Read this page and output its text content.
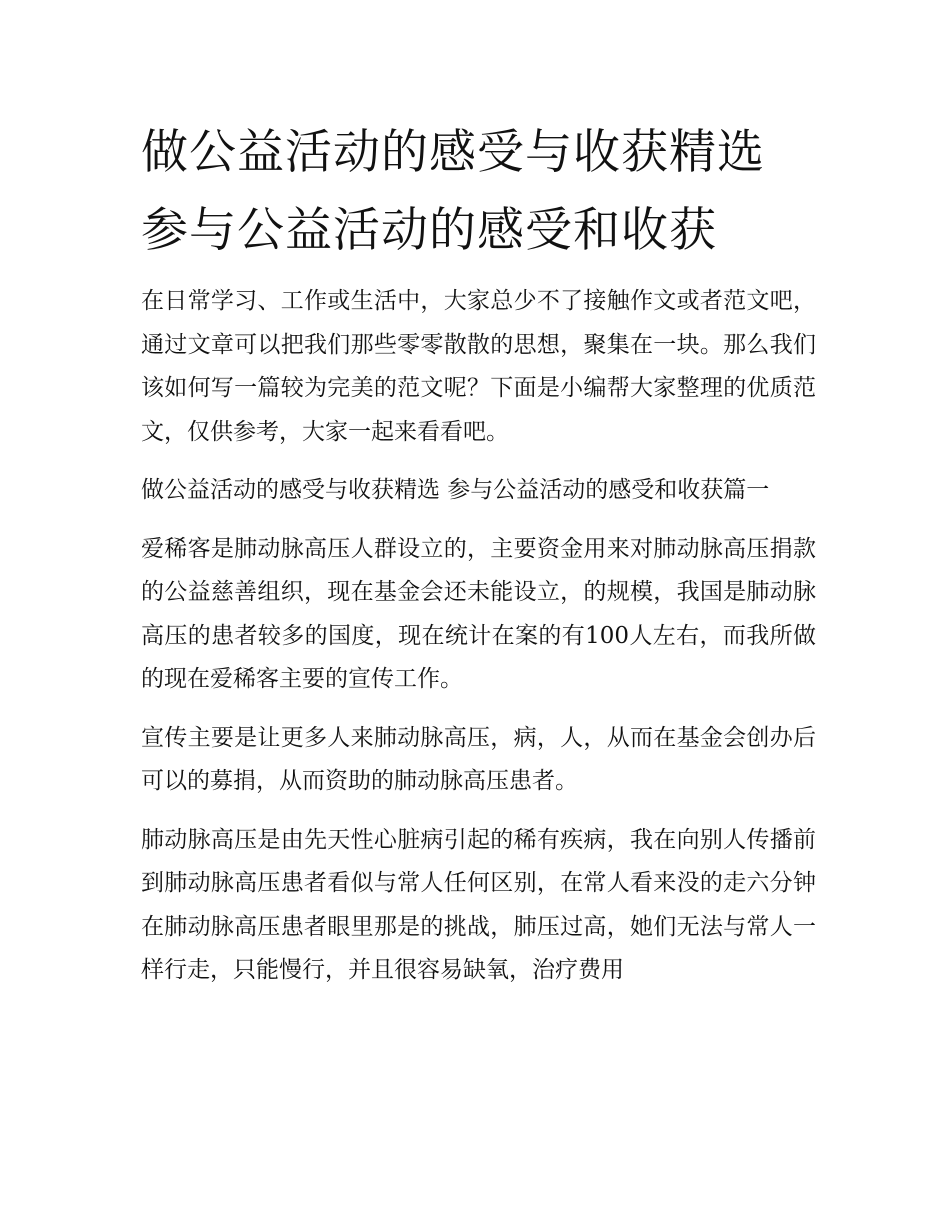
做公益活动的感受与收获精选
参与公益活动的感受和收获

在日常学习、工作或生活中，大家总少不了接触作文或者范文吧，通过文章可以把我们那些零零散散的思想，聚集在一块。那么我们该如何写一篇较为完美的范文呢？下面是小编帮大家整理的优质范文，仅供参考，大家一起来看看吧。

做公益活动的感受与收获精选 参与公益活动的感受和收获篇一

爱稀客是肺动脉高压人群设立的，主要资金用来对肺动脉高压捐款的公益慈善组织，现在基金会还未能设立，的规模，我国是肺动脉高压的患者较多的国度，现在统计在案的有100人左右，而我所做的现在爱稀客主要的宣传工作。

宣传主要是让更多人来肺动脉高压，病，人，从而在基金会创办后可以的募捐，从而资助的肺动脉高压患者。

肺动脉高压是由先天性心脏病引起的稀有疾病，我在向别人传播前到肺动脉高压患者看似与常人任何区别，在常人看来没的走六分钟在肺动脉高压患者眼里那是的挑战，肺压过高，她们无法与常人一样行走，只能慢行，并且很容易缺氧，治疗费用
